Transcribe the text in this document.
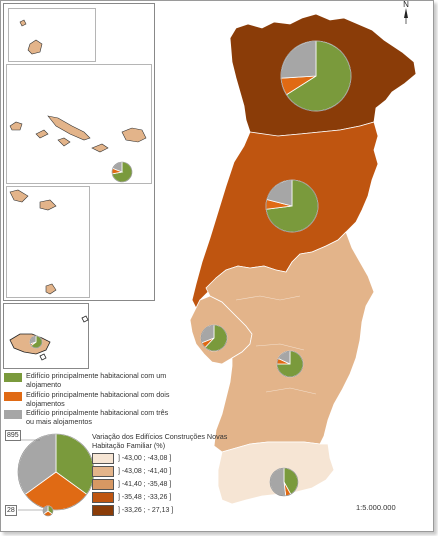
N
Edifício principalmente habitacional com um alojamento
Edifício principalmente habitacional com dois alojamentos
Edifício principalmente habitacional com três ou mais alojamentos
895
28
Variação dos Edifícios Construções Novas Habitação Familiar (%)
] -43,00 ; -43,08 ]
] -43,08 ; -41,40 ]
] -41,40 ; -35,48 ]
] -35,48 ; -33,26 ]
] -33,26 ; - 27,13 ]	1:5.000.000
